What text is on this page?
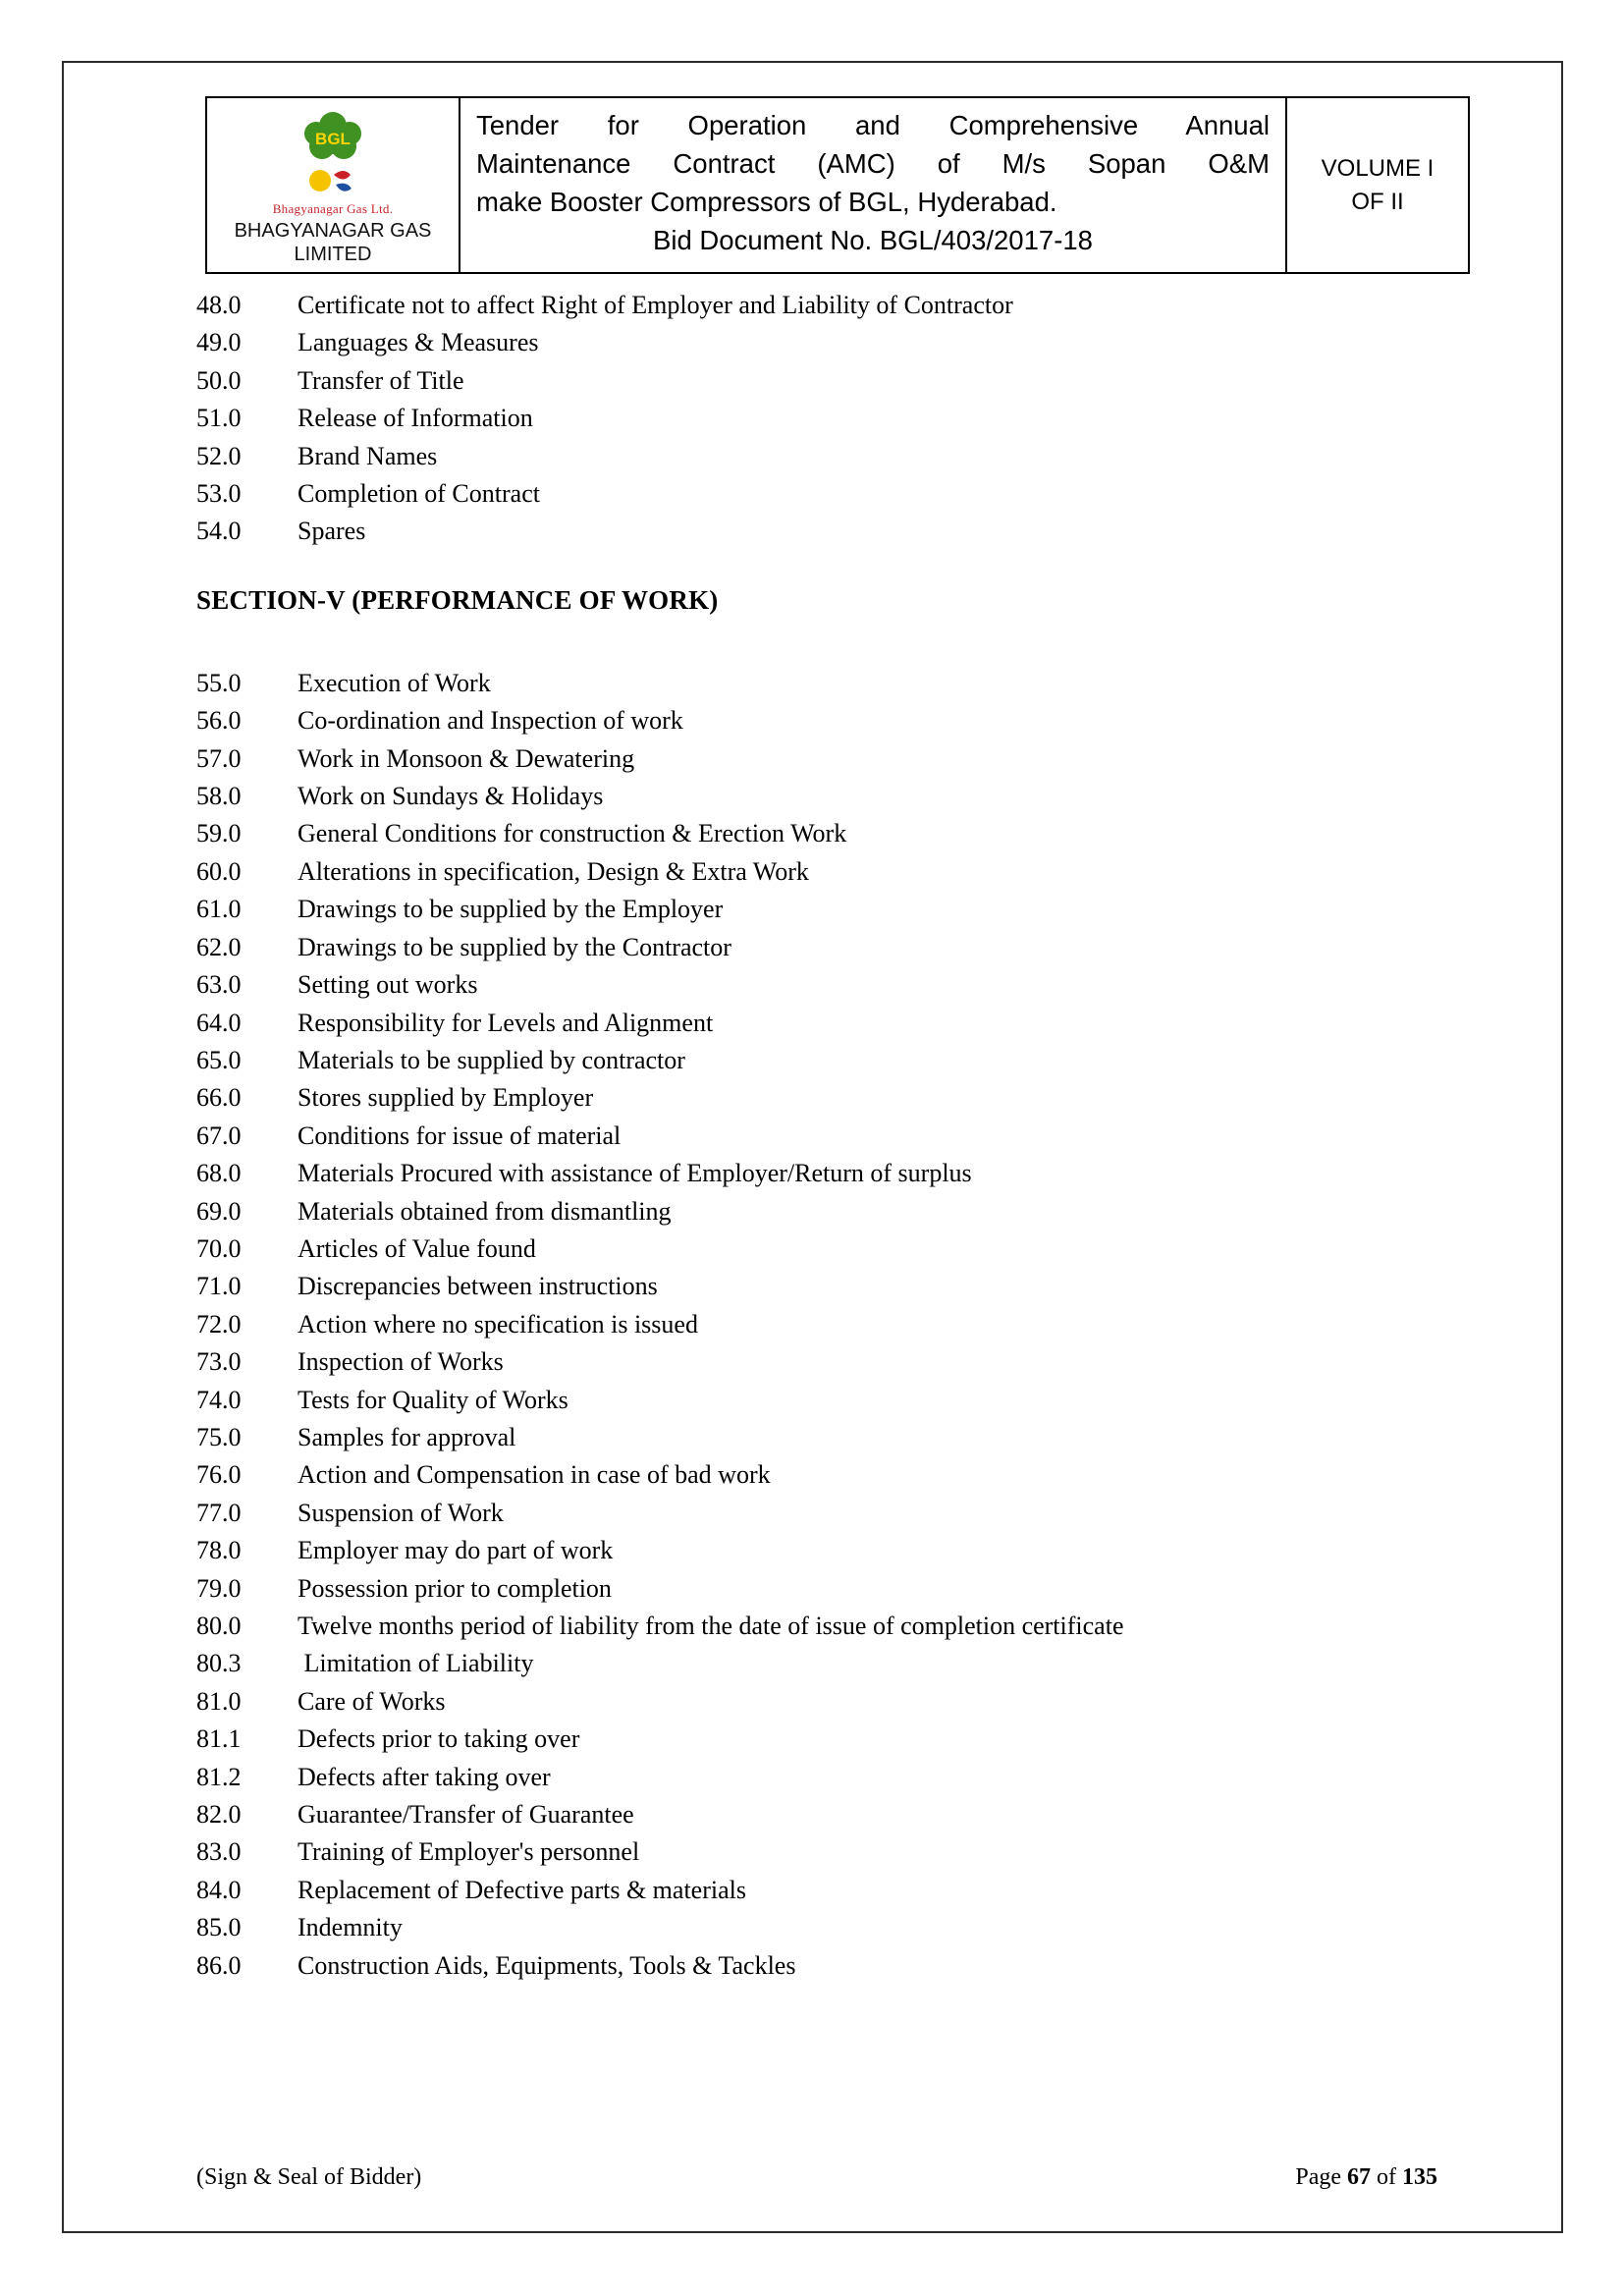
BGL
Bhagyanagar Gas Ltd.
BHAGYANAGAR GAS
LIMITED
Tender for Operation and Comprehensive Annual
Maintenance Contract (AMC) of M/s Sopan O&M
make Booster Compressors of BGL, Hyderabad.
Bid Document No. BGL/403/2017-18
VOLUME I
OF II
48.0	Certificate not to affect Right of Employer and Liability of Contractor
49.0	Languages & Measures
50.0	Transfer of Title
51.0	Release of Information
52.0	Brand Names
53.0	Completion of Contract
54.0	Spares
SECTION-V (PERFORMANCE OF WORK)
55.0	Execution of Work
56.0	Co-ordination and Inspection of work
57.0	Work in Monsoon & Dewatering
58.0	Work on Sundays & Holidays
59.0	General Conditions for construction & Erection Work
60.0	Alterations in specification, Design & Extra Work
61.0	Drawings to be supplied by the Employer
62.0	Drawings to be supplied by the Contractor
63.0	Setting out works
64.0	Responsibility for Levels and Alignment
65.0	Materials to be supplied by contractor
66.0	Stores supplied by Employer
67.0	Conditions for issue of material
68.0	Materials Procured with assistance of Employer/Return of surplus
69.0	Materials obtained from dismantling
70.0	Articles of Value found
71.0	Discrepancies between instructions
72.0	Action where no specification is issued
73.0	Inspection of Works
74.0	Tests for Quality of Works
75.0	Samples for approval
76.0	Action and Compensation in case of bad work
77.0	Suspension of Work
78.0	Employer may do part of work
79.0	Possession prior to completion
80.0	Twelve months period of liability from the date of issue of completion certificate
80.3	Limitation of Liability
81.0	Care of Works
81.1	Defects prior to taking over
81.2	Defects after taking over
82.0	Guarantee/Transfer of Guarantee
83.0	Training of Employer's personnel
84.0	Replacement of Defective parts & materials
85.0	Indemnity
86.0	Construction Aids, Equipments, Tools & Tackles
(Sign & Seal of Bidder)	Page 67 of 135
